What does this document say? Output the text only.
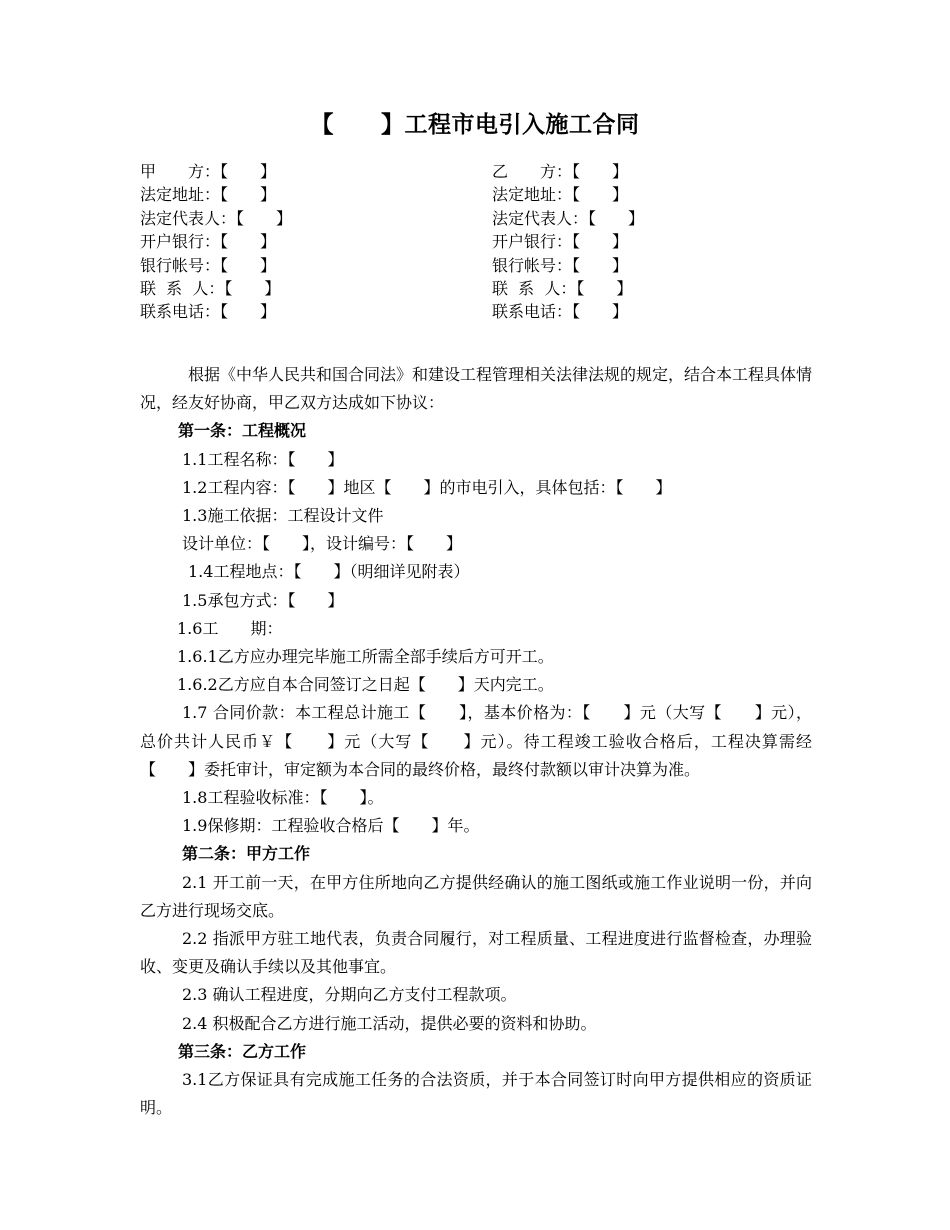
【　　】工程市电引入施工合同
甲　　方：【　　】
法定地址：【　　】
法定代表人：【　　】
开户银行：【　　】
银行帐号：【　　】
联  系  人：【　　】
联系电话：【　　】
乙　　方：【　　】
法定地址：【　　】
法定代表人：【　　】
开户银行：【　　】
银行帐号：【　　】
联  系  人：【　　】
联系电话：【　　】

根据《中华人民共和国合同法》和建设工程管理相关法律法规的规定，结合本工程具体情况，经友好协商，甲乙双方达成如下协议：

第一条：工程概况
1.1工程名称：【　　】
1.2工程内容：【　　】地区【　　】的市电引入，具体包括：【　　】
1.3施工依据：工程设计文件
设计单位：【　　】，设计编号：【　　】
1.4工程地点：【　　】（明细详见附表）
1.5承包方式：【　　】
1.6工　　期：
1.6.1乙方应办理完毕施工所需全部手续后方可开工。
1.6.2乙方应自本合同签订之日起【　　】天内完工。

1.7 合同价款：本工程总计施工【　　】，基本价格为：【　　】元（大写【　　】元），总价共计人民币￥【　　】元（大写【　　】元）。待工程竣工验收合格后，工程决算需经【　　】委托审计，审定额为本合同的最终价格，最终付款额以审计决算为准。

1.8工程验收标准：【　　】。
1.9保修期：工程验收合格后【　　】年。
第二条：甲方工作

2.1 开工前一天，在甲方住所地向乙方提供经确认的施工图纸或施工作业说明一份，并向乙方进行现场交底。

2.2 指派甲方驻工地代表，负责合同履行，对工程质量、工程进度进行监督检查，办理验收、变更及确认手续以及其他事宜。

2.3 确认工程进度，分期向乙方支付工程款项。
2.4 积极配合乙方进行施工活动，提供必要的资料和协助。
第三条：乙方工作

3.1乙方保证具有完成施工任务的合法资质，并于本合同签订时向甲方提供相应的资质证明。
